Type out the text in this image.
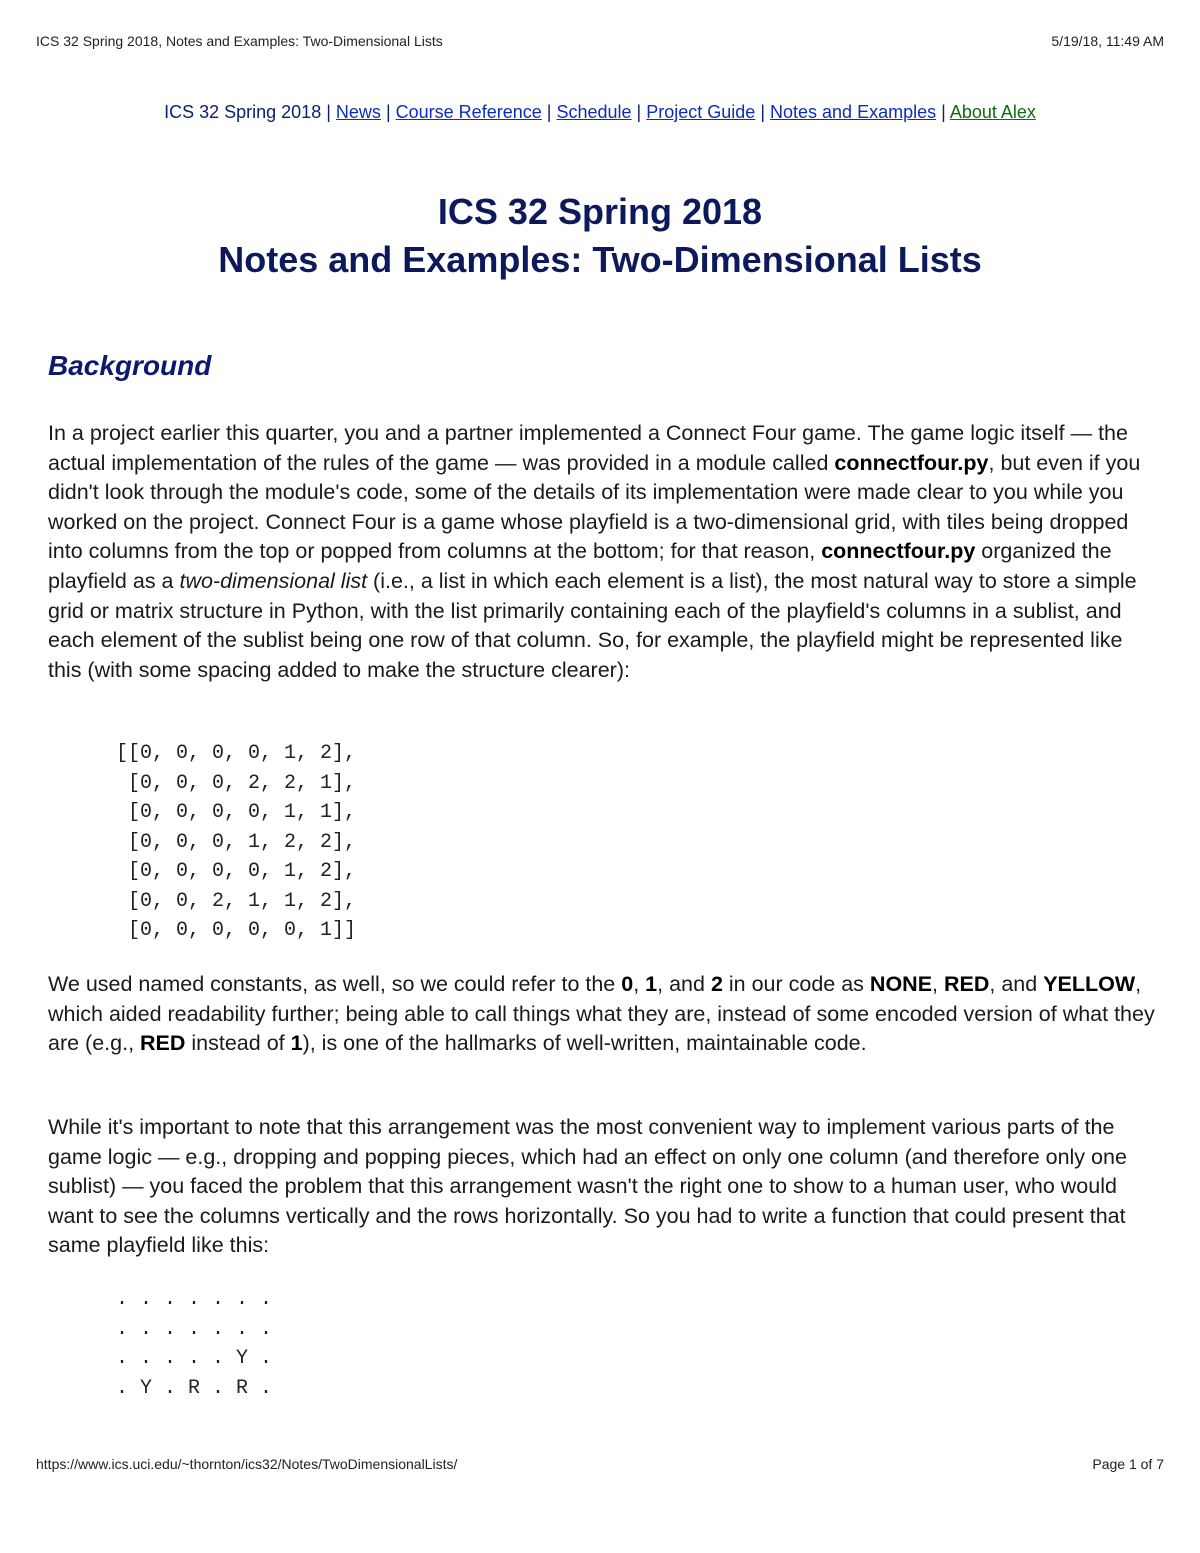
ICS 32 Spring 2018, Notes and Examples: Two-Dimensional Lists	5/19/18, 11:49 AM
ICS 32 Spring 2018 | News | Course Reference | Schedule | Project Guide | Notes and Examples | About Alex
ICS 32 Spring 2018
Notes and Examples: Two-Dimensional Lists
Background

In a project earlier this quarter, you and a partner implemented a Connect Four game. The game logic itself — the actual implementation of the rules of the game — was provided in a module called connectfour.py, but even if you didn't look through the module's code, some of the details of its implementation were made clear to you while you worked on the project. Connect Four is a game whose playfield is a two-dimensional grid, with tiles being dropped into columns from the top or popped from columns at the bottom; for that reason, connectfour.py organized the playfield as a two-dimensional list (i.e., a list in which each element is a list), the most natural way to store a simple grid or matrix structure in Python, with the list primarily containing each of the playfield's columns in a sublist, and each element of the sublist being one row of that column. So, for example, the playfield might be represented like this (with some spacing added to make the structure clearer):

[[0, 0, 0, 0, 1, 2],
[0, 0, 0, 2, 2, 1],
[0, 0, 0, 0, 1, 1],
[0, 0, 0, 1, 2, 2],
[0, 0, 0, 0, 1, 2],
[0, 0, 2, 1, 1, 2],
[0, 0, 0, 0, 0, 1]]

We used named constants, as well, so we could refer to the 0, 1, and 2 in our code as NONE, RED, and YELLOW, which aided readability further; being able to call things what they are, instead of some encoded version of what they are (e.g., RED instead of 1), is one of the hallmarks of well-written, maintainable code.

While it's important to note that this arrangement was the most convenient way to implement various parts of the game logic — e.g., dropping and popping pieces, which had an effect on only one column (and therefore only one sublist) — you faced the problem that this arrangement wasn't the right one to show to a human user, who would want to see the columns vertically and the rows horizontally. So you had to write a function that could present that same playfield like this:

. . . . . . .
. . . . . . .
. . . . . Y .
. Y . R . R .
https://www.ics.uci.edu/~thornton/ics32/Notes/TwoDimensionalLists/	Page 1 of 7
